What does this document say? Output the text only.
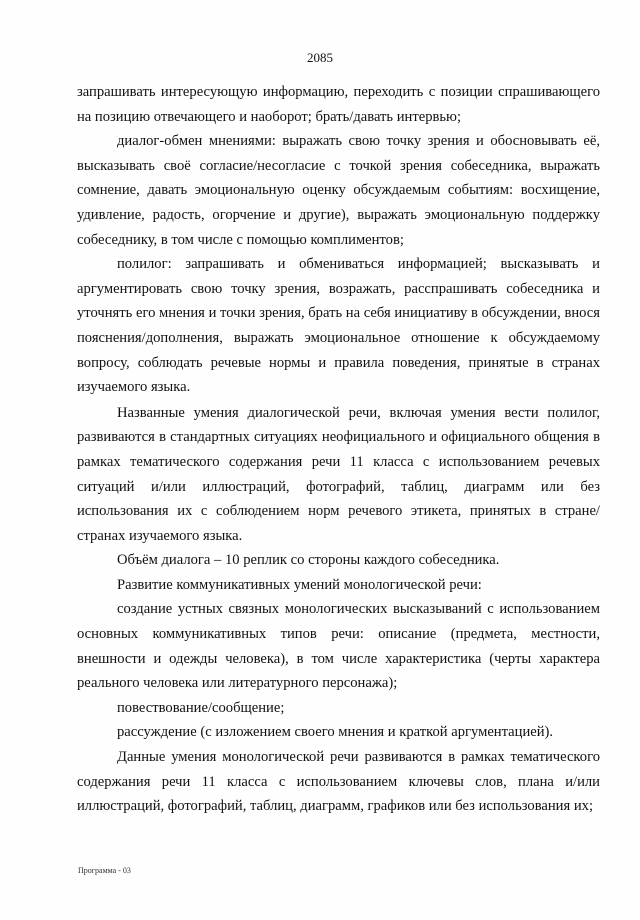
2085

запрашивать интересующую информацию, переходить с позиции спрашивающего на позицию отвечающего и наоборот; брать/давать интервью;

диалог-обмен мнениями: выражать свою точку зрения и обосновывать её, высказывать своё согласие/несогласие с точкой зрения собеседника, выражать сомнение, давать эмоциональную оценку обсуждаемым событиям: восхищение, удивление, радость, огорчение и другие), выражать эмоциональную поддержку собеседнику, в том числе с помощью комплиментов;

полилог: запрашивать и обмениваться информацией; высказывать и аргументировать свою точку зрения, возражать, расспрашивать собеседника и уточнять его мнения и точки зрения, брать на себя инициативу в обсуждении, внося пояснения/дополнения, выражать эмоциональное отношение к обсуждаемому вопросу, соблюдать речевые нормы и правила поведения, принятые в странах изучаемого языка.

Названные умения диалогической речи, включая умения вести полилог, развиваются в стандартных ситуациях неофициального и официального общения в рамках тематического содержания речи 11 класса с использованием речевых ситуаций и/или иллюстраций, фотографий, таблиц, диаграмм или без использования их с соблюдением норм речевого этикета, принятых в стране/странах изучаемого языка.

Объём диалога – 10 реплик со стороны каждого собеседника.

Развитие коммуникативных умений монологической речи:

создание устных связных монологических высказываний с использованием основных коммуникативных типов речи: описание (предмета, местности, внешности и одежды человека), в том числе характеристика (черты характера реального человека или литературного персонажа);

повествование/сообщение;

рассуждение (с изложением своего мнения и краткой аргументацией).

Данные умения монологической речи развиваются в рамках тематического содержания речи 11 класса с использованием ключевы слов, плана и/или иллюстраций, фотографий, таблиц, диаграмм, графиков или без использования их;

Программа - 03
